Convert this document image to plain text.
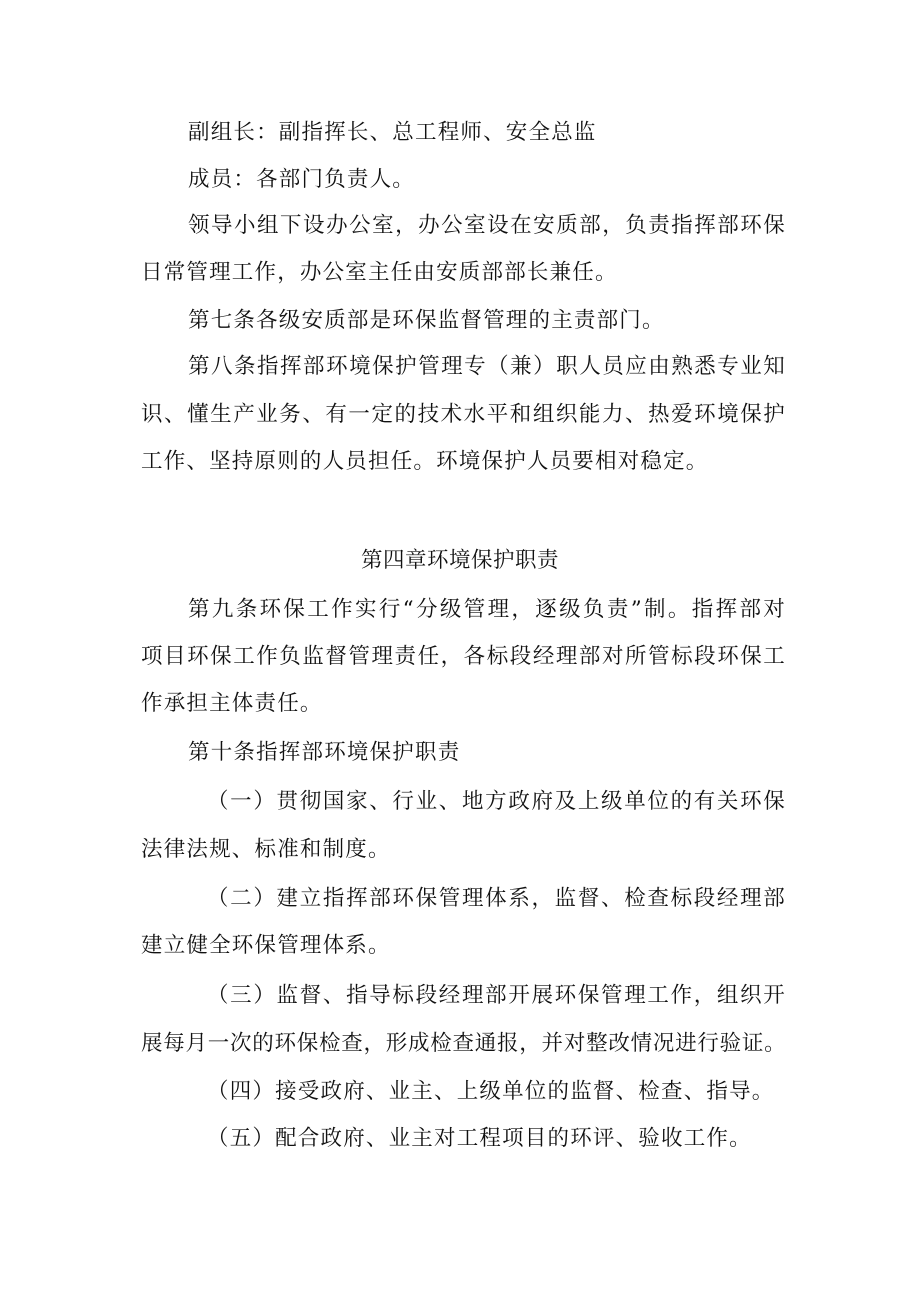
副组长：副指挥长、总工程师、安全总监
成员：各部门负责人。
领导小组下设办公室，办公室设在安质部，负责指挥部环保
日常管理工作，办公室主任由安质部部长兼任。
第七条各级安质部是环保监督管理的主责部门。
第八条指挥部环境保护管理专（兼）职人员应由熟悉专业知
识、懂生产业务、有一定的技术水平和组织能力、热爱环境保护
工作、坚持原则的人员担任。环境保护人员要相对稳定。
第四章环境保护职责
第九条环保工作实行“分级管理，逐级负责”制。指挥部对
项目环保工作负监督管理责任，各标段经理部对所管标段环保工
作承担主体责任。
第十条指挥部环境保护职责
（一）贯彻国家、行业、地方政府及上级单位的有关环保
法律法规、标准和制度。
（二）建立指挥部环保管理体系，监督、检查标段经理部
建立健全环保管理体系。
（三）监督、指导标段经理部开展环保管理工作，组织开
展每月一次的环保检查，形成检查通报，并对整改情况进行验证。
（四）接受政府、业主、上级单位的监督、检查、指导。
（五）配合政府、业主对工程项目的环评、验收工作。
